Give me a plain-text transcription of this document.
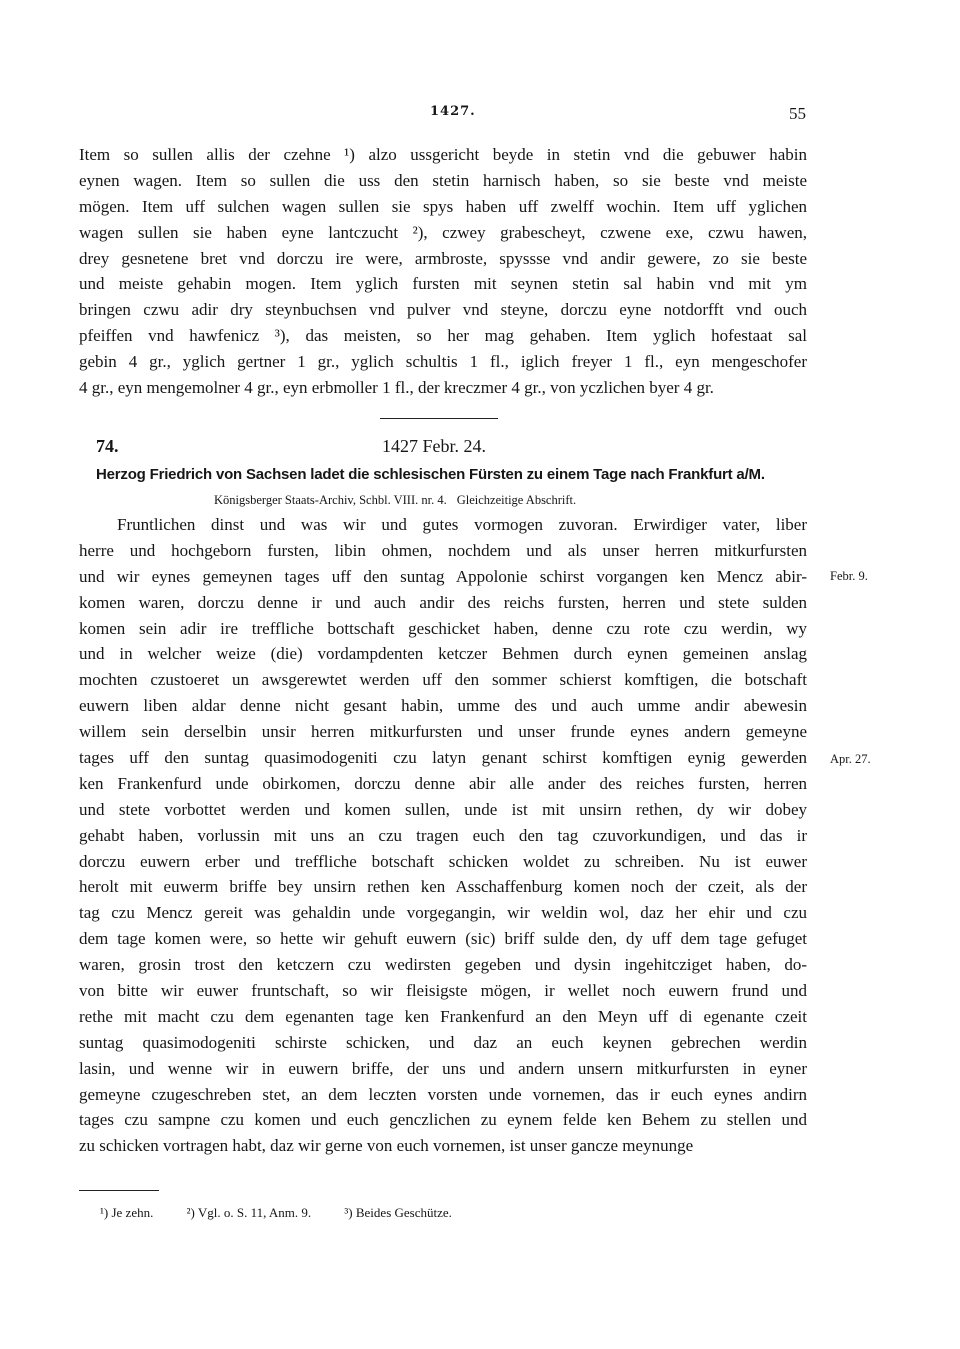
1427.	55
Item so sullen allis der czehne ¹) alzo ussgericht beyde in stetin vnd die gebuwer habin
eynen wagen. Item so sullen die uss den stetin harnisch haben, so sie beste vnd meiste
mögen. Item uff sulchen wagen sullen sie spys haben uff zwelff wochin. Item uff yglichen
wagen sullen sie haben eyne lantczucht ²), czwey grabescheyt, czwene exe, czwu hawen,
drey gesnetene bret vnd dorczu ire were, armbroste, spyssse vnd andir gewere, zo sie beste
und meiste gehabin mogen. Item yglich fursten mit seynen stetin sal habin vnd mit ym
bringen czwu adir dry steynbuchsen vnd pulver vnd steyne, dorczu eyne notdorfft vnd ouch
pfeiffen vnd hawfenicz ³), das meisten, so her mag gehaben. Item yglich hofestaat sal
gebin 4 gr., yglich gertner 1 gr., yglich schultis 1 fl., iglich freyer 1 fl., eyn mengeschofer
4 gr., eyn mengemolner 4 gr., eyn erbmoller 1 fl., der kreczmer 4 gr., von yczlichen byer 4 gr.
74.	1427 Febr. 24.
Herzog Friedrich von Sachsen ladet die schlesischen Fürsten zu einem Tage nach Frankfurt a/M.
Königsberger Staats-Archiv, Schbl. VIII. nr. 4. Gleichzeitige Abschrift.
Fruntlichen dinst und was wir und gutes vormogen zuvoran. Erwirdiger vater, liber
herre und hochgeborn fursten, libin ohmen, nochdem und als unser herren mitkurfursten
und wir eynes gemeynen tages uff den suntag Appolonie schirst vorgangen ken Mencz abir-
komen waren, dorczu denne ir und auch andir des reichs fursten, herren und stete sulden
komen sein adir ire treffliche bottschaft geschicket haben, denne czu rote czu werdin, wy
und in welcher weize (die) vordampdenten ketczer Behmen durch eynen gemeinen anslag
mochten czustoeret un awsgerewtet werden uff den sommer schierst komftigen, die botschaft
euwern liben aldar denne nicht gesant habin, umme des und auch umme andir abewesin
willem sein derselbin unsir herren mitkurfursten und unser frunde eynes andern gemeyne
tages uff den suntag quasimodogeniti czu latyn genant schirst komftigen eynig gewerden
ken Frankenfurd unde obirkomen, dorczu denne abir alle ander des reiches fursten, herren
und stete vorbottet werden und komen sullen, unde ist mit unsirn rethen, dy wir dobey
gehabt haben, vorlussin mit uns an czu tragen euch den tag czuvorkundigen, und das ir
dorczu euwern erber und treffliche botschaft schicken woldet zu schreiben. Nu ist euwer
herolt mit euwerm briffe bey unsirn rethen ken Asschaffenburg komen noch der czeit, als der
tag czu Mencz gereit was gehaldin unde vorgegangin, wir weldin wol, daz her ehir und czu
dem tage komen were, so hette wir gehuft euwern (sic) briff sulde den, dy uff dem tage gefuget
waren, grosin trost den ketczern czu wedirsten gegeben und dysin ingehitcziget haben, do-
von bitte wir euwer fruntschaft, so wir fleisigste mögen, ir wellet noch euwern frund und
rethe mit macht czu dem egenanten tage ken Frankenfurd an den Meyn uff di egenante czeit
suntag quasimodogeniti schirste schicken, und daz an euch keynen gebrechen werdin
lasin, und wenne wir in euwern briffe, der uns und andern unsern mitkurfursten in eyner
gemeyne czugeschreben stet, an dem leczten vorsten unde vornemen, das ir euch eynes andirn
tages czu sampne czu komen und euch genczlichen zu eynem felde ken Behem zu stellen und
zu schicken vortragen habt, daz wir gerne von euch vornemen, ist unser gancze meynunge
Febr. 9.
Apr. 27.
¹) Je zehn.	²) Vgl. o. S. 11, Anm. 9.	³) Beides Geschütze.
